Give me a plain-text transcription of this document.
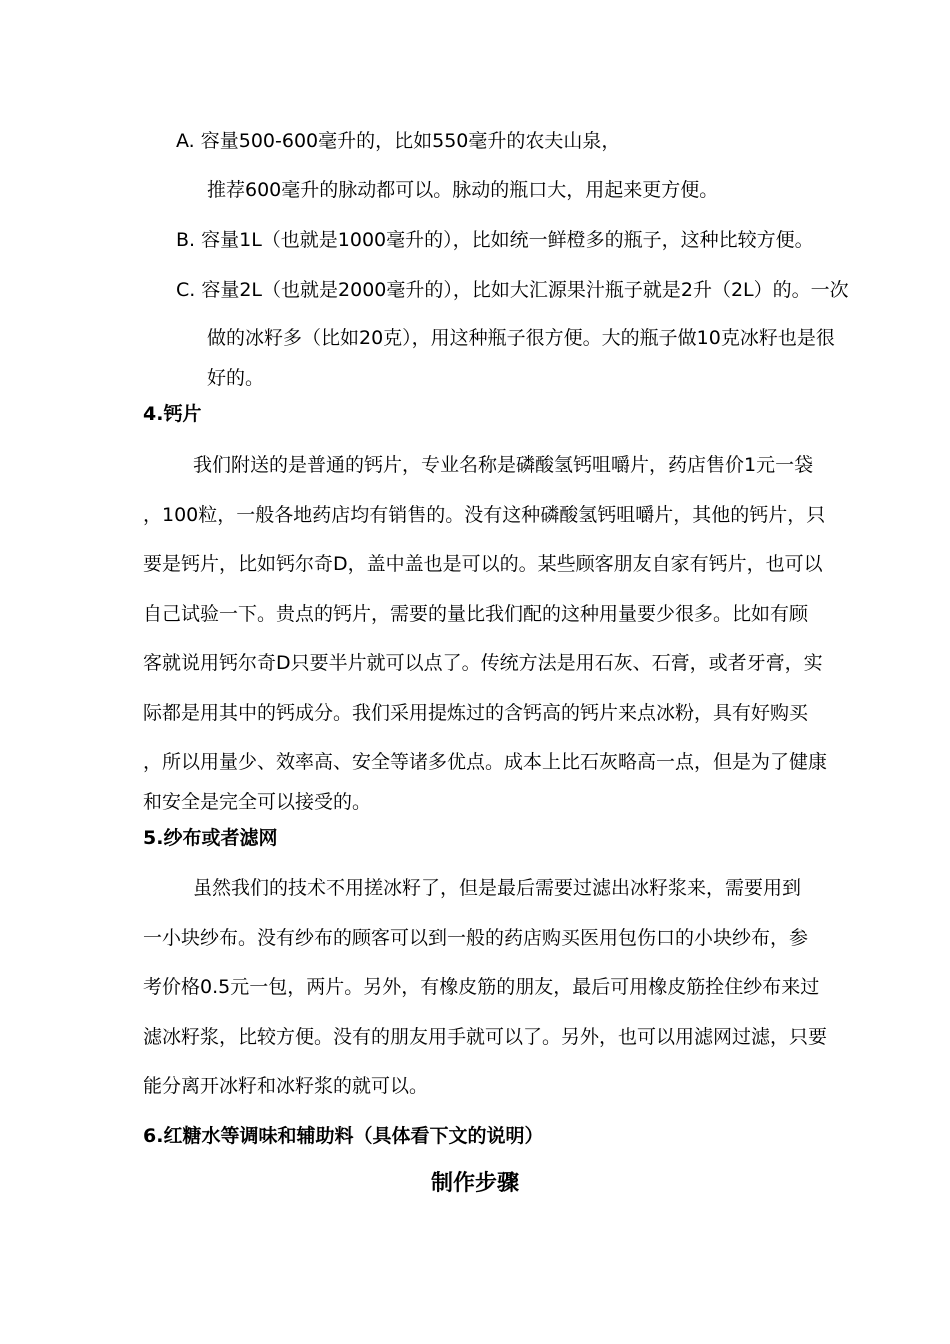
A. 容量500-600毫升的，比如550毫升的农夫山泉，
推荐600毫升的脉动都可以。脉动的瓶口大，用起来更方便。
B. 容量1L（也就是1000毫升的），比如统一鲜橙多的瓶子，这种比较方便。
C. 容量2L（也就是2000毫升的），比如大汇源果汁瓶子就是2升（2L）的。一次
做的冰籽多（比如20克），用这种瓶子很方便。大的瓶子做10克冰籽也是很
好的。
4.钙片
我们附送的是普通的钙片，专业名称是磷酸氢钙咀嚼片，药店售价1元一袋
，100粒，一般各地药店均有销售的。没有这种磷酸氢钙咀嚼片，其他的钙片，只
要是钙片，比如钙尔奇D，盖中盖也是可以的。某些顾客朋友自家有钙片，也可以
自己试验一下。贵点的钙片，需要的量比我们配的这种用量要少很多。比如有顾
客就说用钙尔奇D只要半片就可以点了。传统方法是用石灰、石膏，或者牙膏，实
际都是用其中的钙成分。我们采用提炼过的含钙高的钙片来点冰粉，具有好购买
，所以用量少、效率高、安全等诸多优点。成本上比石灰略高一点，但是为了健康
和安全是完全可以接受的。
5.纱布或者滤网
虽然我们的技术不用搓冰籽了，但是最后需要过滤出冰籽浆来，需要用到
一小块纱布。没有纱布的顾客可以到一般的药店购买医用包伤口的小块纱布，参
考价格0.5元一包，两片。另外，有橡皮筋的朋友，最后可用橡皮筋拴住纱布来过
滤冰籽浆，比较方便。没有的朋友用手就可以了。另外，也可以用滤网过滤，只要
能分离开冰籽和冰籽浆的就可以。
6.红糖水等调味和辅助料（具体看下文的说明）
制作步骤
